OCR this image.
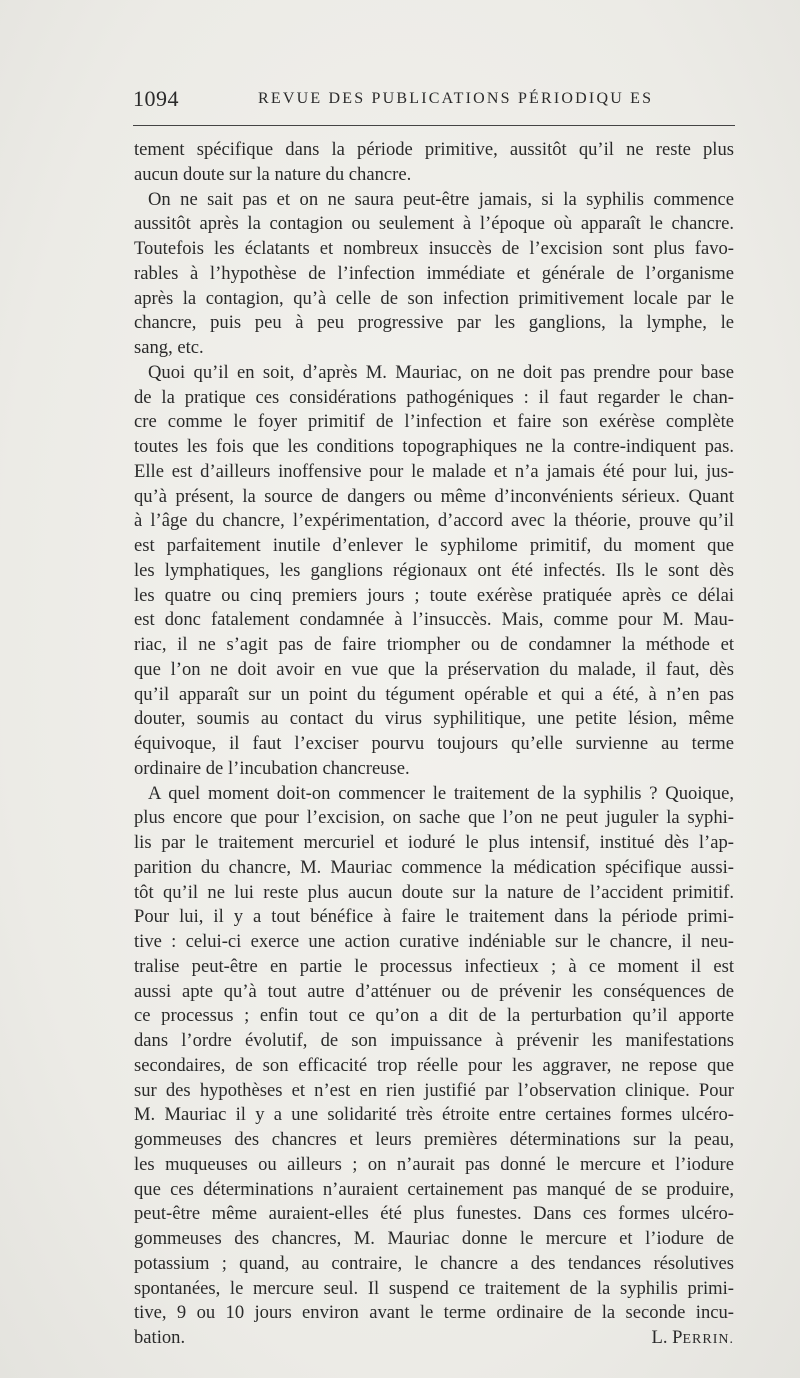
1094	REVUE DES PUBLICATIONS PÉRIODIQU ES
tement spécifique dans la période primitive, aussitôt qu’il ne reste plus
aucun doute sur la nature du chancre.
On ne sait pas et on ne saura peut-être jamais, si la syphilis commence
aussitôt après la contagion ou seulement à l’époque où apparaît le chancre.
Toutefois les éclatants et nombreux insuccès de l’excision sont plus favo-
rables à l’hypothèse de l’infection immédiate et générale de l’organisme
après la contagion, qu’à celle de son infection primitivement locale par le
chancre, puis peu à peu progressive par les ganglions, la lymphe, le
sang, etc.
Quoi qu’il en soit, d’après M. Mauriac, on ne doit pas prendre pour base
de la pratique ces considérations pathogéniques : il faut regarder le chan-
cre comme le foyer primitif de l’infection et faire son exérèse complète
toutes les fois que les conditions topographiques ne la contre-indiquent pas.
Elle est d’ailleurs inoffensive pour le malade et n’a jamais été pour lui, jus-
qu’à présent, la source de dangers ou même d’inconvénients sérieux. Quant
à l’âge du chancre, l’expérimentation, d’accord avec la théorie, prouve qu’il
est parfaitement inutile d’enlever le syphilome primitif, du moment que
les lymphatiques, les ganglions régionaux ont été infectés. Ils le sont dès
les quatre ou cinq premiers jours ; toute exérèse pratiquée après ce délai
est donc fatalement condamnée à l’insuccès. Mais, comme pour M. Mau-
riac, il ne s’agit pas de faire triompher ou de condamner la méthode et
que l’on ne doit avoir en vue que la préservation du malade, il faut, dès
qu’il apparaît sur un point du tégument opérable et qui a été, à n’en pas
douter, soumis au contact du virus syphilitique, une petite lésion, même
équivoque, il faut l’exciser pourvu toujours qu’elle survienne au terme
ordinaire de l’incubation chancreuse.
A quel moment doit-on commencer le traitement de la syphilis ? Quoique,
plus encore que pour l’excision, on sache que l’on ne peut juguler la syphi-
lis par le traitement mercuriel et ioduré le plus intensif, institué dès l’ap-
parition du chancre, M. Mauriac commence la médication spécifique aussi-
tôt qu’il ne lui reste plus aucun doute sur la nature de l’accident primitif.
Pour lui, il y a tout bénéfice à faire le traitement dans la période primi-
tive : celui-ci exerce une action curative indéniable sur le chancre, il neu-
tralise peut-être en partie le processus infectieux ; à ce moment il est
aussi apte qu’à tout autre d’atténuer ou de prévenir les conséquences de
ce processus ; enfin tout ce qu’on a dit de la perturbation qu’il apporte
dans l’ordre évolutif, de son impuissance à prévenir les manifestations
secondaires, de son efficacité trop réelle pour les aggraver, ne repose que
sur des hypothèses et n’est en rien justifié par l’observation clinique. Pour
M. Mauriac il y a une solidarité très étroite entre certaines formes ulcéro-
gommeuses des chancres et leurs premières déterminations sur la peau,
les muqueuses ou ailleurs ; on n’aurait pas donné le mercure et l’iodure
que ces déterminations n’auraient certainement pas manqué de se produire,
peut-être même auraient-elles été plus funestes. Dans ces formes ulcéro-
gommeuses des chancres, M. Mauriac donne le mercure et l’iodure de
potassium ; quand, au contraire, le chancre a des tendances résolutives
spontanées, le mercure seul. Il suspend ce traitement de la syphilis primi-
tive, 9 ou 10 jours environ avant le terme ordinaire de la seconde incu-
bation.	L. PERRIN.
